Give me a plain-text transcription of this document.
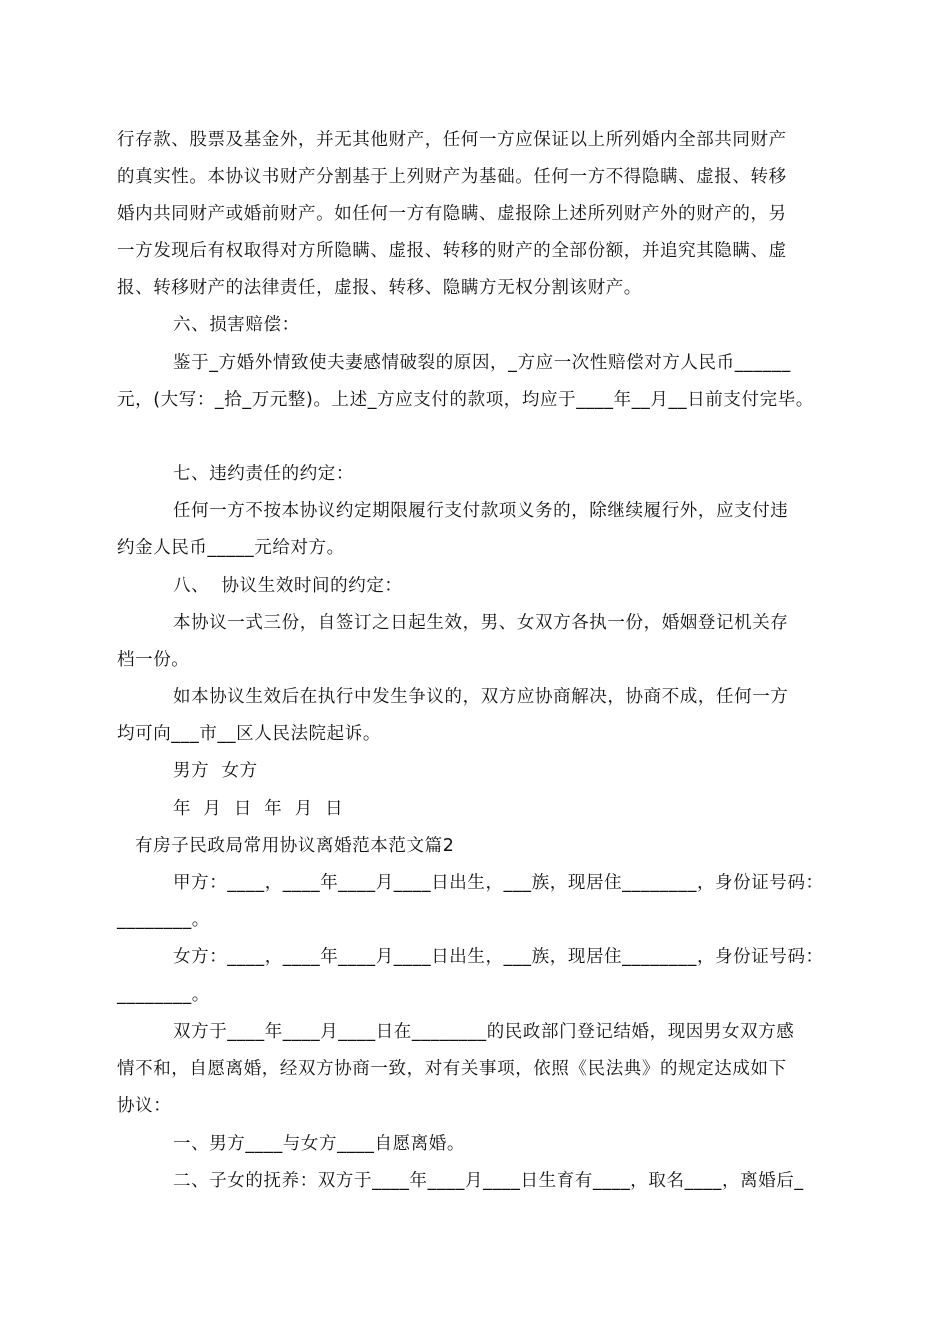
行存款、股票及基金外，并无其他财产，任何一方应保证以上所列婚内全部共同财产
的真实性。本协议书财产分割基于上列财产为基础。任何一方不得隐瞒、虚报、转移
婚内共同财产或婚前财产。如任何一方有隐瞒、虚报除上述所列财产外的财产的，另
一方发现后有权取得对方所隐瞒、虚报、转移的财产的全部份额，并追究其隐瞒、虚
报、转移财产的法律责任，虚报、转移、隐瞒方无权分割该财产。
六、损害赔偿：
鉴于_方婚外情致使夫妻感情破裂的原因，_方应一次性赔偿对方人民币______
元，(大写：_拾_万元整)。上述_方应支付的款项，均应于____年__月__日前支付完毕。
七、违约责任的约定：
任何一方不按本协议约定期限履行支付款项义务的，除继续履行外，应支付违
约金人民币_____元给对方。
八、  协议生效时间的约定：
本协议一式三份，自签订之日起生效，男、女双方各执一份，婚姻登记机关存
档一份。
如本协议生效后在执行中发生争议的，双方应协商解决，协商不成，任何一方
均可向___市__区人民法院起诉。
男方  女方
年  月  日  年  月  日
有房子民政局常用协议离婚范本范文篇2
甲方：____，____年____月____日出生，___族，现居住________，身份证号码：
________。
女方：____，____年____月____日出生，___族，现居住________，身份证号码：
________。
双方于____年____月____日在________的民政部门登记结婚，现因男女双方感
情不和，自愿离婚，经双方协商一致，对有关事项，依照《民法典》的规定达成如下
协议：
一、男方____与女方____自愿离婚。
二、子女的抚养：双方于____年____月____日生育有____，取名____，离婚后_
